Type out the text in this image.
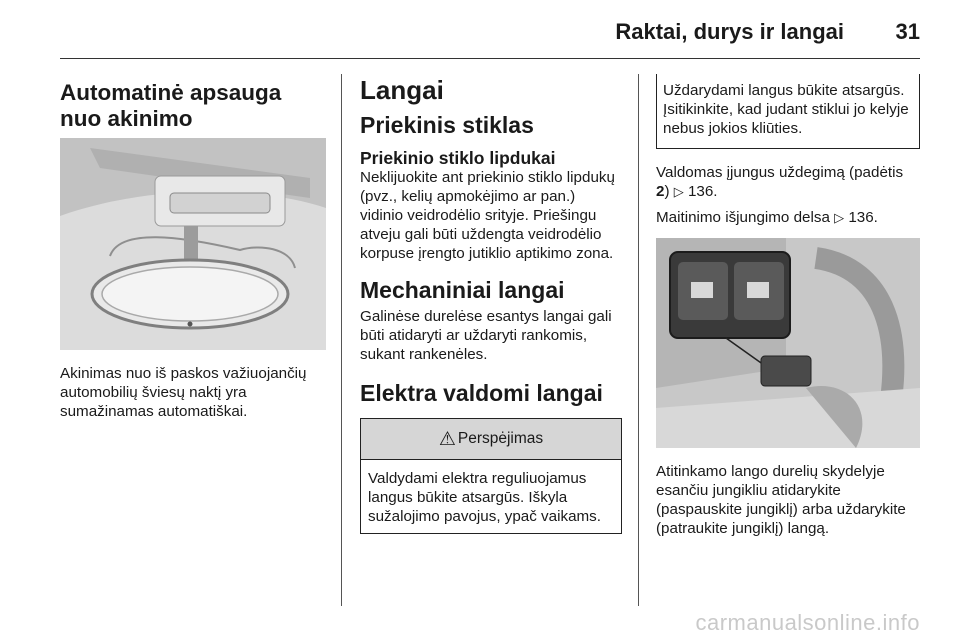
Raktai, durys ir langai 31
Automatinė apsauga nuo akinimo

Akinimas nuo iš paskos važiuojančių automobilių šviesų naktį yra sumažinamas automatiškai.

Langai
Priekinis stiklas
Priekinio stiklo lipdukai

Neklijuokite ant priekinio stiklo lipdukų (pvz., kelių apmokėjimo ar pan.) vidinio veidrodėlio srityje. Priešingu atveju gali būti uždengta veidrodėlio korpuse įrengto jutiklio aptikimo zona.

Mechaniniai langai

Galinėse durelėse esantys langai gali būti atidaryti ar uždaryti rankomis, sukant rankenėles.

Elektra valdomi langai
⚠ Perspėjimas
Valdydami elektra reguliuojamus langus būkite atsargūs. Iškyla sužalojimo pavojus, ypač vaikams.
Uždarydami langus būkite atsargūs. Įsitikinkite, kad judant stiklui jo kelyje nebus jokios kliūties.

Valdomas įjungus uždegimą (padėtis 2) ▷ 136.

Maitinimo išjungimo delsa ▷ 136.

Atitinkamo lango durelių skydelyje esančiu jungikliu atidarykite (paspauskite jungiklį) arba uždarykite (patraukite jungiklį) langą.

carmanualsonline.info
